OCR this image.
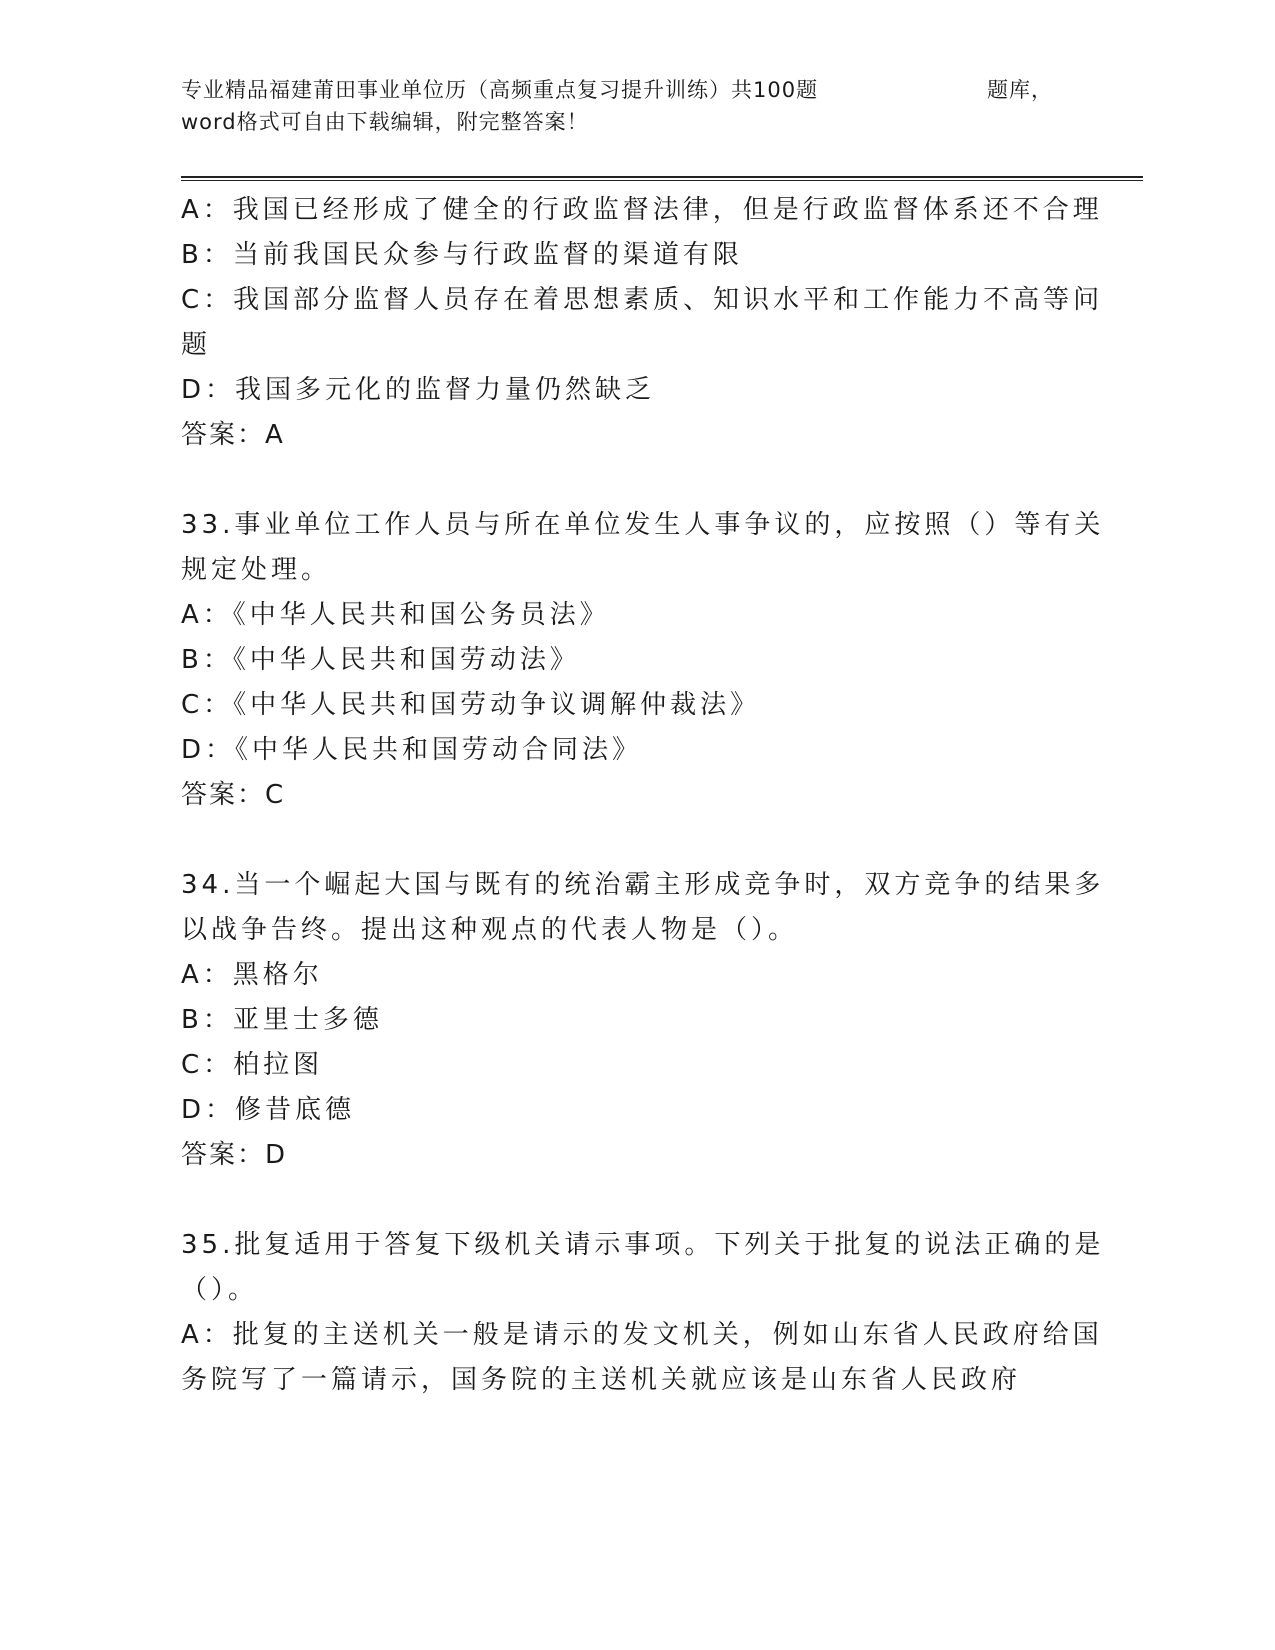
专业精品福建莆田事业单位历（高频重点复习提升训练）共100题	题库，
word格式可自由下载编辑，附完整答案！
A：我国已经形成了健全的行政监督法律，但是行政监督体系还不合理
B：当前我国民众参与行政监督的渠道有限
C：我国部分监督人员存在着思想素质、知识水平和工作能力不高等问
题
D：我国多元化的监督力量仍然缺乏
答案：A
33.事业单位工作人员与所在单位发生人事争议的，应按照（）等有关
规定处理。
A：《中华人民共和国公务员法》
B：《中华人民共和国劳动法》
C：《中华人民共和国劳动争议调解仲裁法》
D：《中华人民共和国劳动合同法》
答案：C
34.当一个崛起大国与既有的统治霸主形成竞争时，双方竞争的结果多
以战争告终。提出这种观点的代表人物是（）。
A：黑格尔
B：亚里士多德
C：柏拉图
D：修昔底德
答案：D
35.批复适用于答复下级机关请示事项。下列关于批复的说法正确的是
（）。
A：批复的主送机关一般是请示的发文机关，例如山东省人民政府给国
务院写了一篇请示，国务院的主送机关就应该是山东省人民政府
